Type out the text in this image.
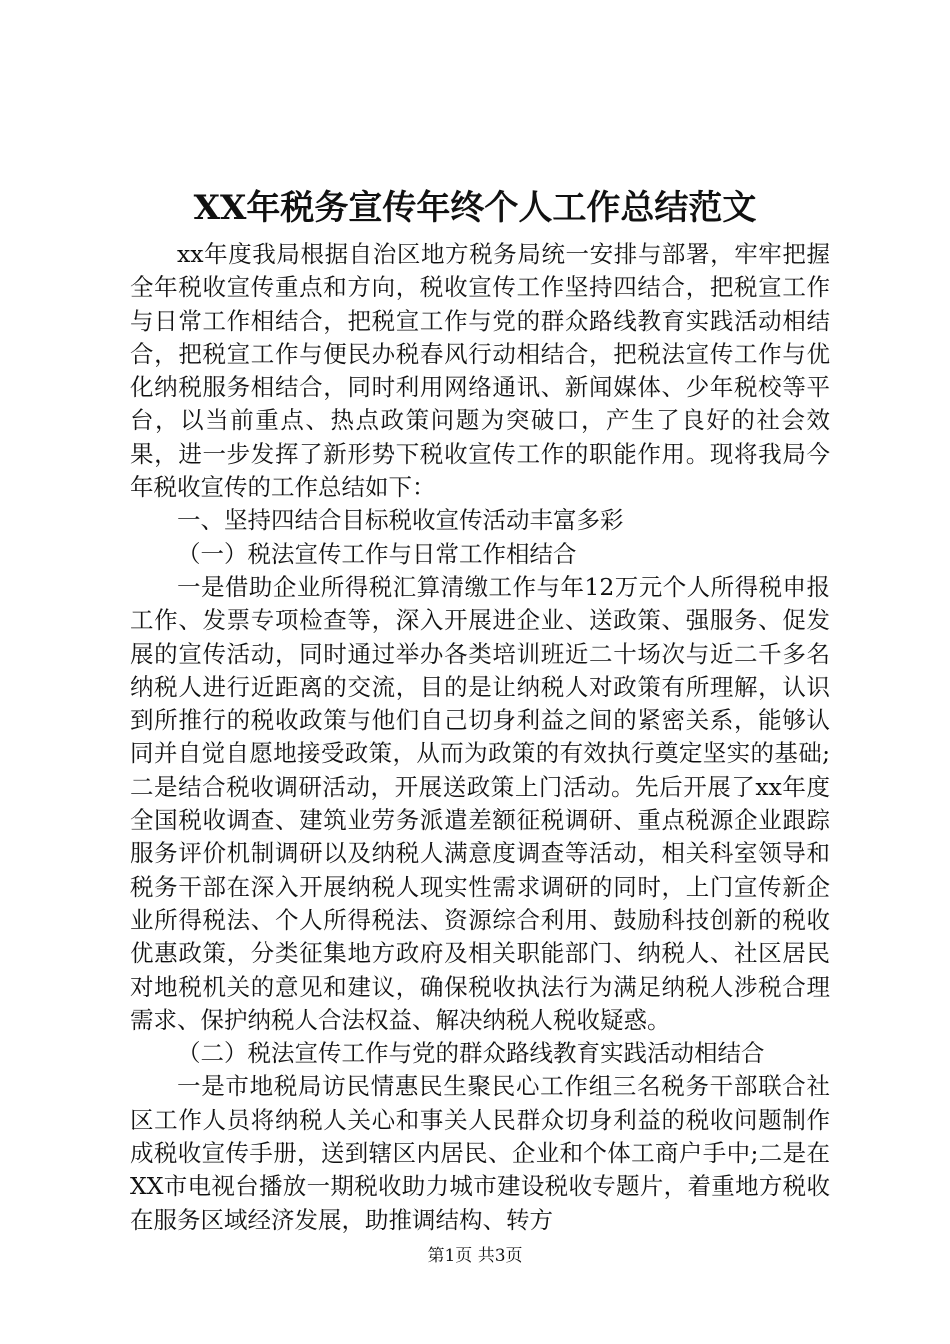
XX年税务宣传年终个人工作总结范文

xx年度我局根据自治区地方税务局统一安排与部署，牢牢把握全年税收宣传重点和方向，税收宣传工作坚持四结合，把税宣工作与日常工作相结合，把税宣工作与党的群众路线教育实践活动相结合，把税宣工作与便民办税春风行动相结合，把税法宣传工作与优化纳税服务相结合，同时利用网络通讯、新闻媒体、少年税校等平台，以当前重点、热点政策问题为突破口，产生了良好的社会效果，进一步发挥了新形势下税收宣传工作的职能作用。现将我局今年税收宣传的工作总结如下：

一、坚持四结合目标税收宣传活动丰富多彩

（一）税法宣传工作与日常工作相结合

一是借助企业所得税汇算清缴工作与年12万元个人所得税申报工作、发票专项检查等，深入开展进企业、送政策、强服务、促发展的宣传活动，同时通过举办各类培训班近二十场次与近二千多名纳税人进行近距离的交流，目的是让纳税人对政策有所理解，认识到所推行的税收政策与他们自己切身利益之间的紧密关系，能够认同并自觉自愿地接受政策，从而为政策的有效执行奠定坚实的基础;二是结合税收调研活动，开展送政策上门活动。先后开展了xx年度全国税收调查、建筑业劳务派遣差额征税调研、重点税源企业跟踪服务评价机制调研以及纳税人满意度调查等活动，相关科室领导和税务干部在深入开展纳税人现实性需求调研的同时，上门宣传新企业所得税法、个人所得税法、资源综合利用、鼓励科技创新的税收优惠政策，分类征集地方政府及相关职能部门、纳税人、社区居民对地税机关的意见和建议，确保税收执法行为满足纳税人涉税合理需求、保护纳税人合法权益、解决纳税人税收疑惑。

（二）税法宣传工作与党的群众路线教育实践活动相结合

一是市地税局访民情惠民生聚民心工作组三名税务干部联合社区工作人员将纳税人关心和事关人民群众切身利益的税收问题制作成税收宣传手册，送到辖区内居民、企业和个体工商户手中;二是在XX市电视台播放一期税收助力城市建设税收专题片，着重地方税收在服务区域经济发展，助推调结构、转方

第1页 共3页
